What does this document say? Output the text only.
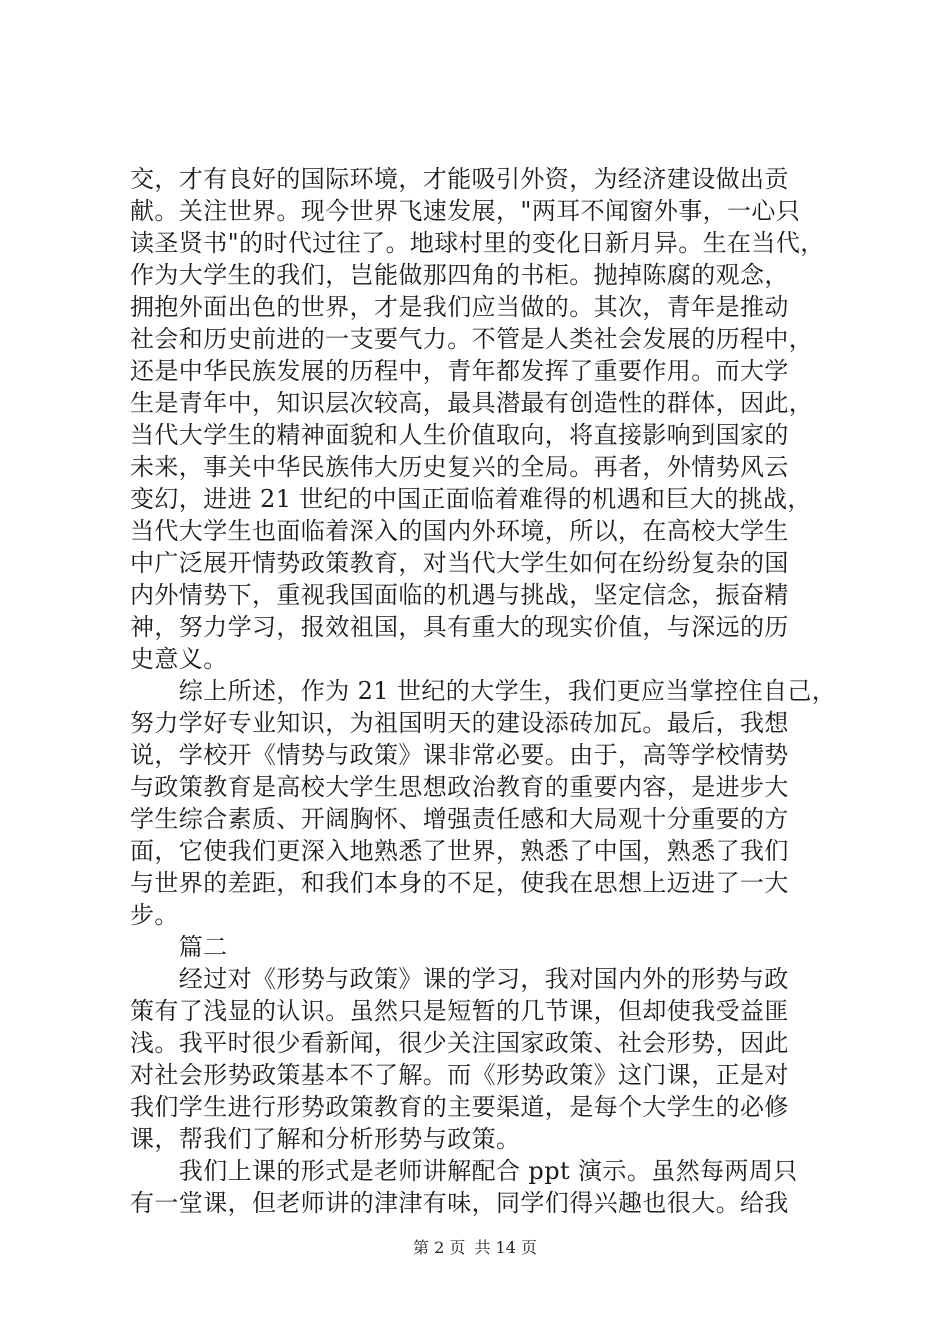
交，才有良好的国际环境，才能吸引外资，为经济建设做出贡
献。关注世界。现今世界飞速发展，"两耳不闻窗外事，一心只
读圣贤书"的时代过往了。地球村里的变化日新月异。生在当代，
作为大学生的我们，岂能做那四角的书柜。抛掉陈腐的观念，
拥抱外面出色的世界，才是我们应当做的。其次，青年是推动
社会和历史前进的一支要气力。不管是人类社会发展的历程中，
还是中华民族发展的历程中，青年都发挥了重要作用。而大学
生是青年中，知识层次较高，最具潜最有创造性的群体，因此，
当代大学生的精神面貌和人生价值取向，将直接影响到国家的
未来，事关中华民族伟大历史复兴的全局。再者，外情势风云
变幻，进进 21 世纪的中国正面临着难得的机遇和巨大的挑战，
当代大学生也面临着深入的国内外环境，所以，在高校大学生
中广泛展开情势政策教育，对当代大学生如何在纷纷复杂的国
内外情势下，重视我国面临的机遇与挑战，坚定信念，振奋精
神，努力学习，报效祖国，具有重大的现实价值，与深远的历
史意义。
　　综上所述，作为 21 世纪的大学生，我们更应当掌控住自己，
努力学好专业知识，为祖国明天的建设添砖加瓦。最后，我想
说，学校开《情势与政策》课非常必要。由于，高等学校情势
与政策教育是高校大学生思想政治教育的重要内容，是进步大
学生综合素质、开阔胸怀、增强责任感和大局观十分重要的方
面，它使我们更深入地熟悉了世界，熟悉了中国，熟悉了我们
与世界的差距，和我们本身的不足，使我在思想上迈进了一大
步。
　　篇二
　　经过对《形势与政策》课的学习，我对国内外的形势与政
策有了浅显的认识。虽然只是短暂的几节课，但却使我受益匪
浅。我平时很少看新闻，很少关注国家政策、社会形势，因此
对社会形势政策基本不了解。而《形势政策》这门课，正是对
我们学生进行形势政策教育的主要渠道，是每个大学生的必修
课，帮我们了解和分析形势与政策。
　　我们上课的形式是老师讲解配合 ppt 演示。虽然每两周只
有一堂课，但老师讲的津津有味，同学们得兴趣也很大。给我
第 2 页 共 14 页
